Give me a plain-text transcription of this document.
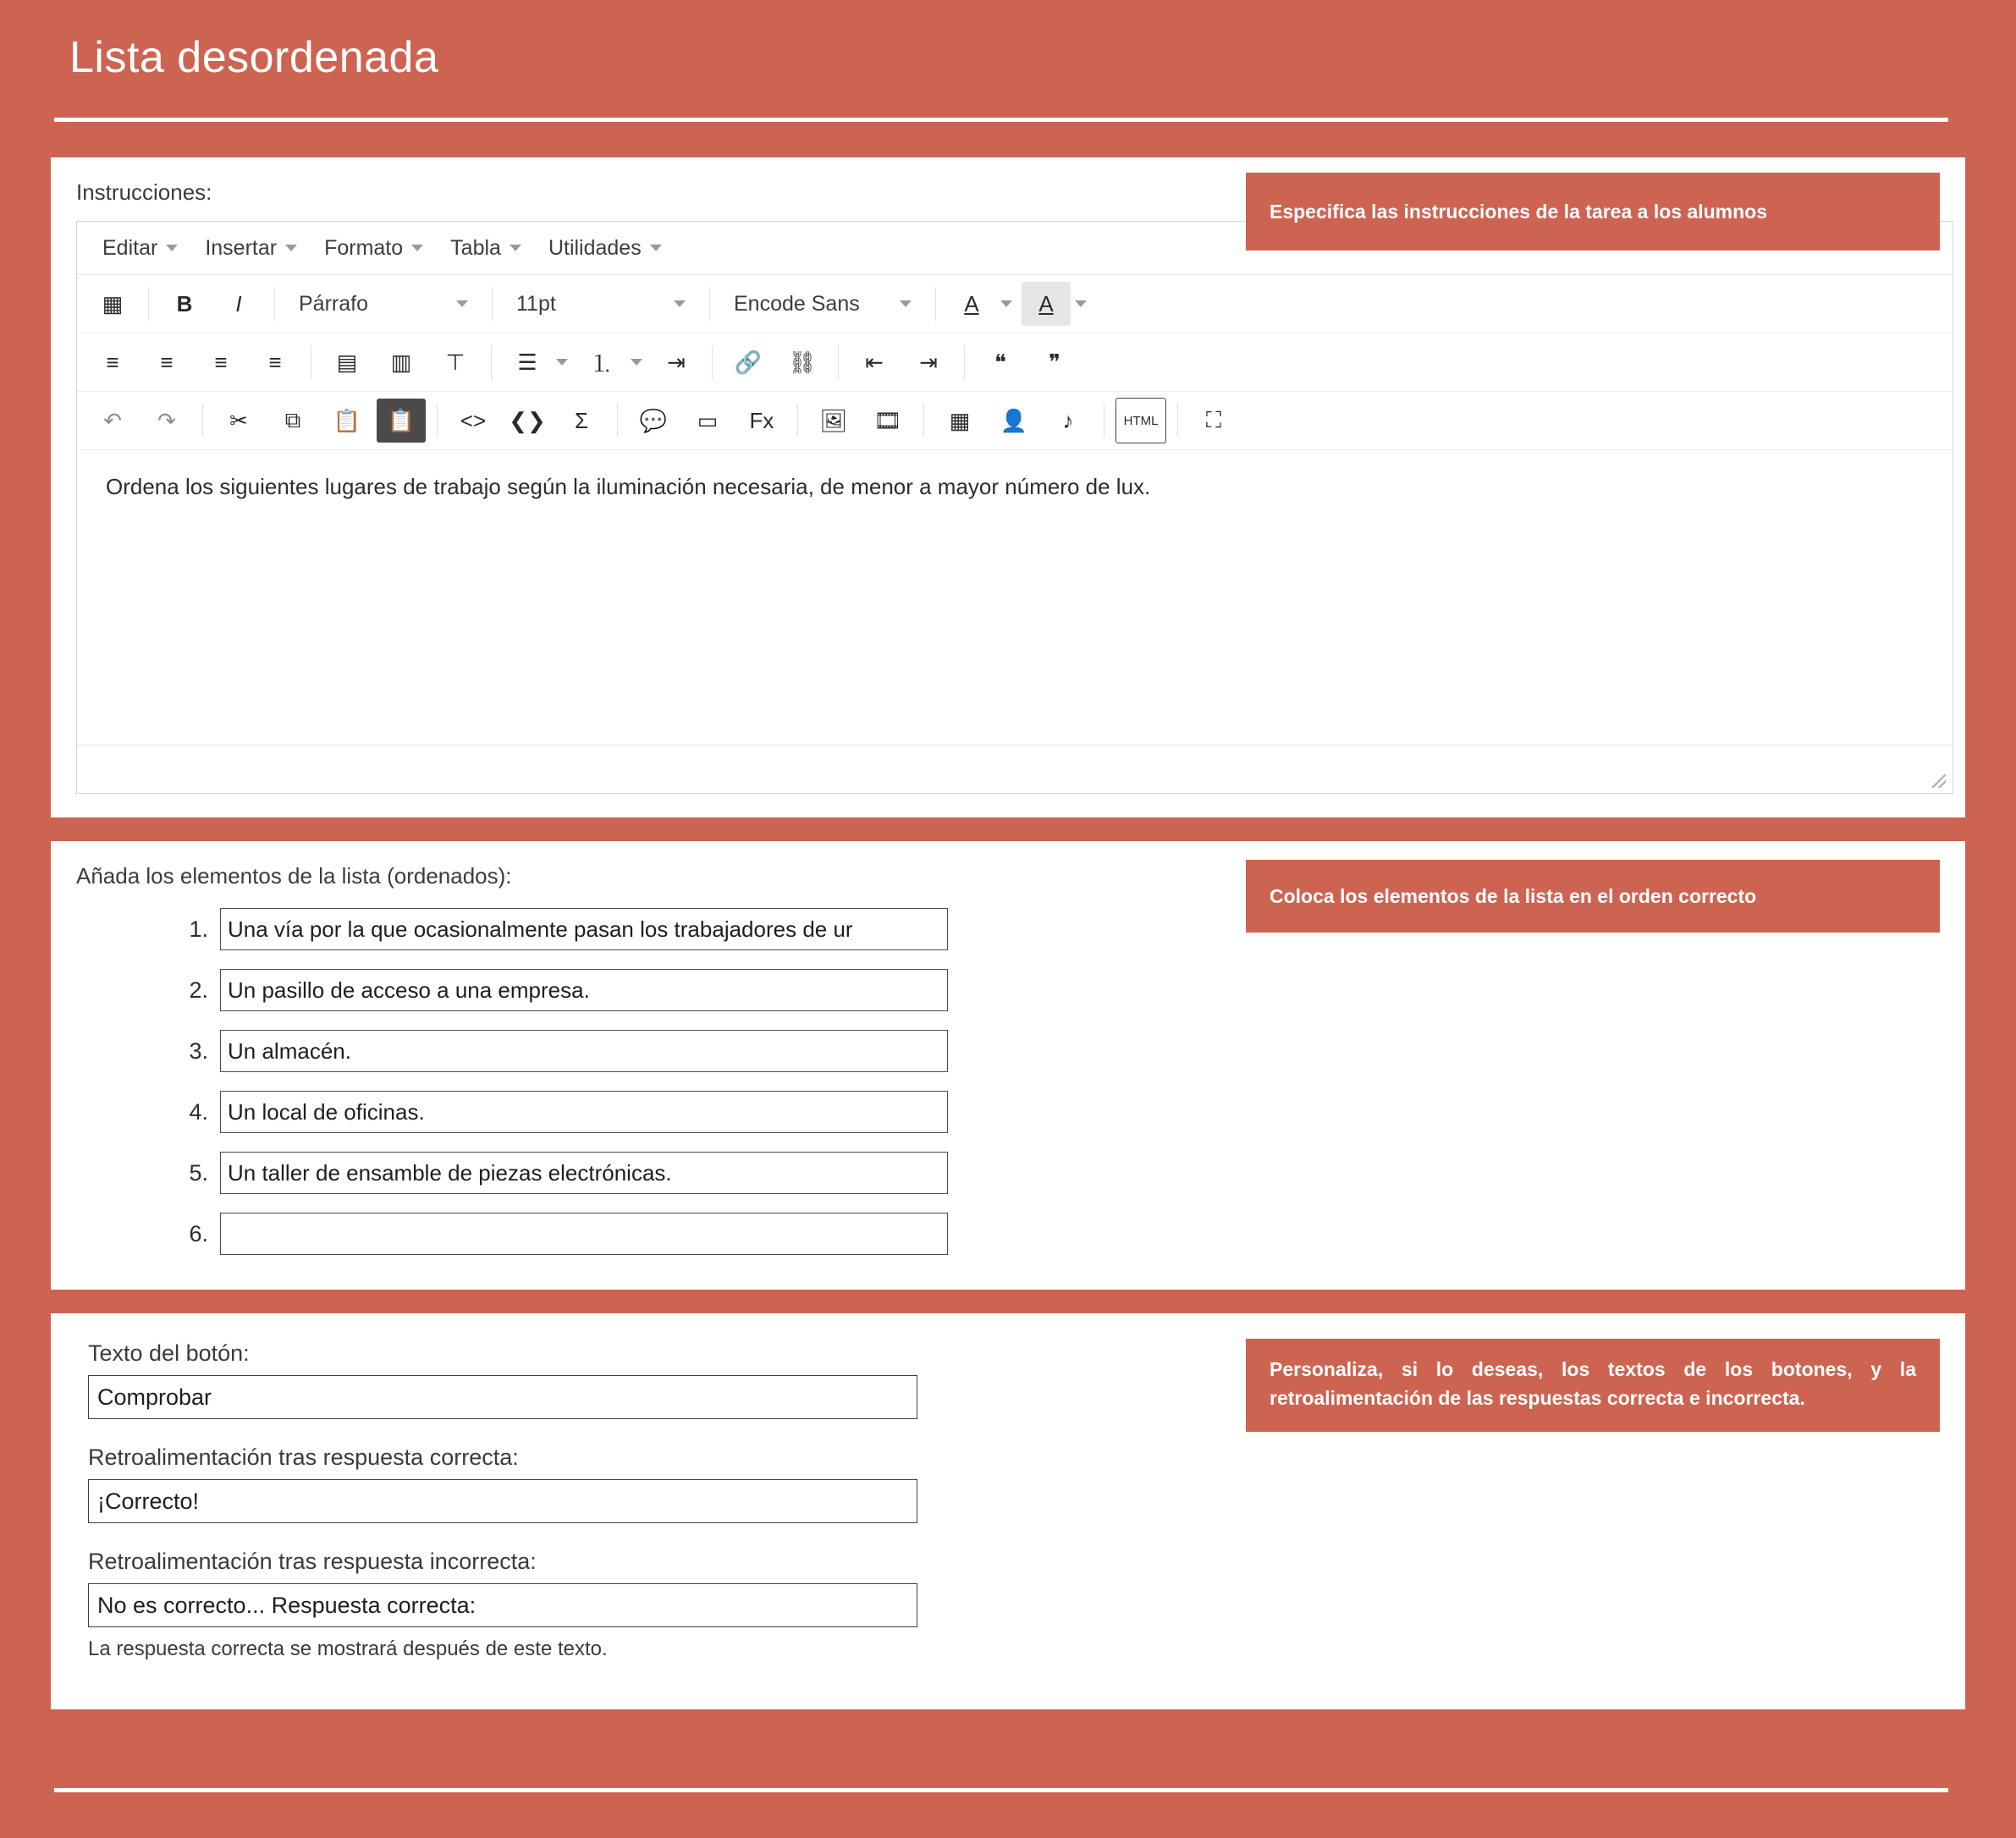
Lista desordenada
Instrucciones:
Especifica las instrucciones de la tarea a los alumnos
Editar Insertar Formato Tabla Utilidades
▦	B I	Párrafo	11pt	Encode Sans	A	A
≡	≡	≡	≡	▤	▥	⊤	☰	⒈	⇥	🔗	⛓	⇤	⇥	❝	❞
↶	↷	✂	⧉	📋	📋	<>	❮❯	Σ	💬	▭	Fx	🖼	🎞	▦	👤	♪	HTML	⛶
Ordena los siguientes lugares de trabajo según la iluminación necesaria, de menor a mayor número de lux.
Añada los elementos de la lista (ordenados):
Coloca los elementos de la lista en el orden correcto
1.
Una vía por la que ocasionalmente pasan los trabajadores de ur
2.
Un pasillo de acceso a una empresa.
3.
Un almacén.
4.
Un local de oficinas.
5.
Un taller de ensamble de piezas electrónicas.
6.
Personaliza, si lo deseas, los textos de los botones, y la retroalimentación de las respuestas correcta e incorrecta.
Texto del botón:
Comprobar
Retroalimentación tras respuesta correcta:
¡Correcto!
Retroalimentación tras respuesta incorrecta:
No es correcto... Respuesta correcta:
La respuesta correcta se mostrará después de este texto.
